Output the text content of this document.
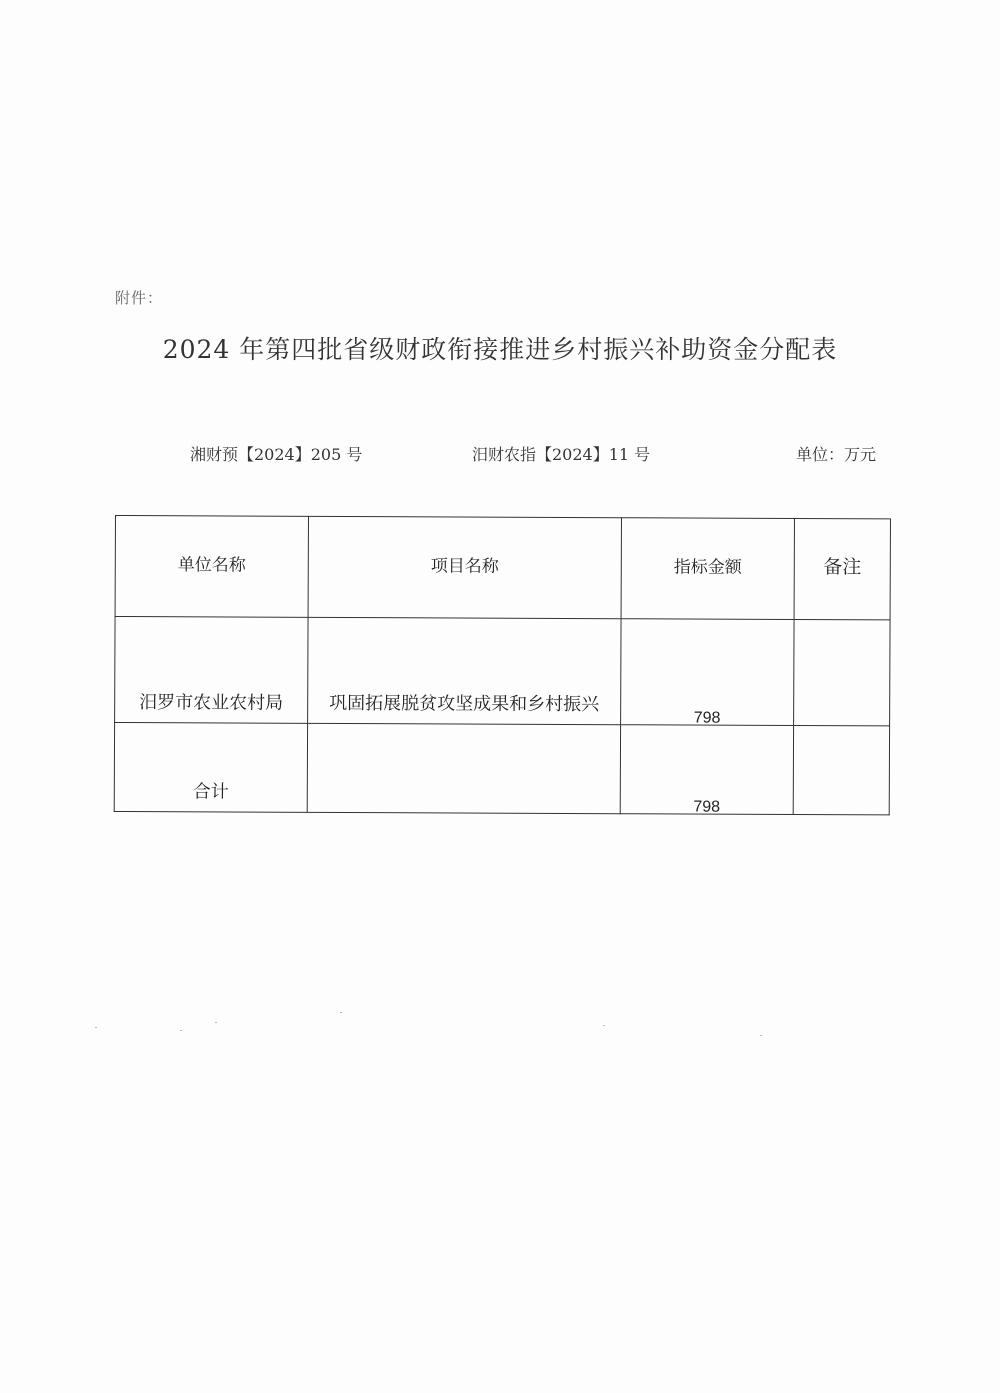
附件：
2024 年第四批省级财政衔接推进乡村振兴补助资金分配表
湘财预【2024】205 号	汨财农指【2024】11 号	单位：万元
单位名称	项目名称	指标金额	备注

汨罗市农业农村局	巩固拓展脱贫攻坚成果和乡村振兴	798	

合计		798	
